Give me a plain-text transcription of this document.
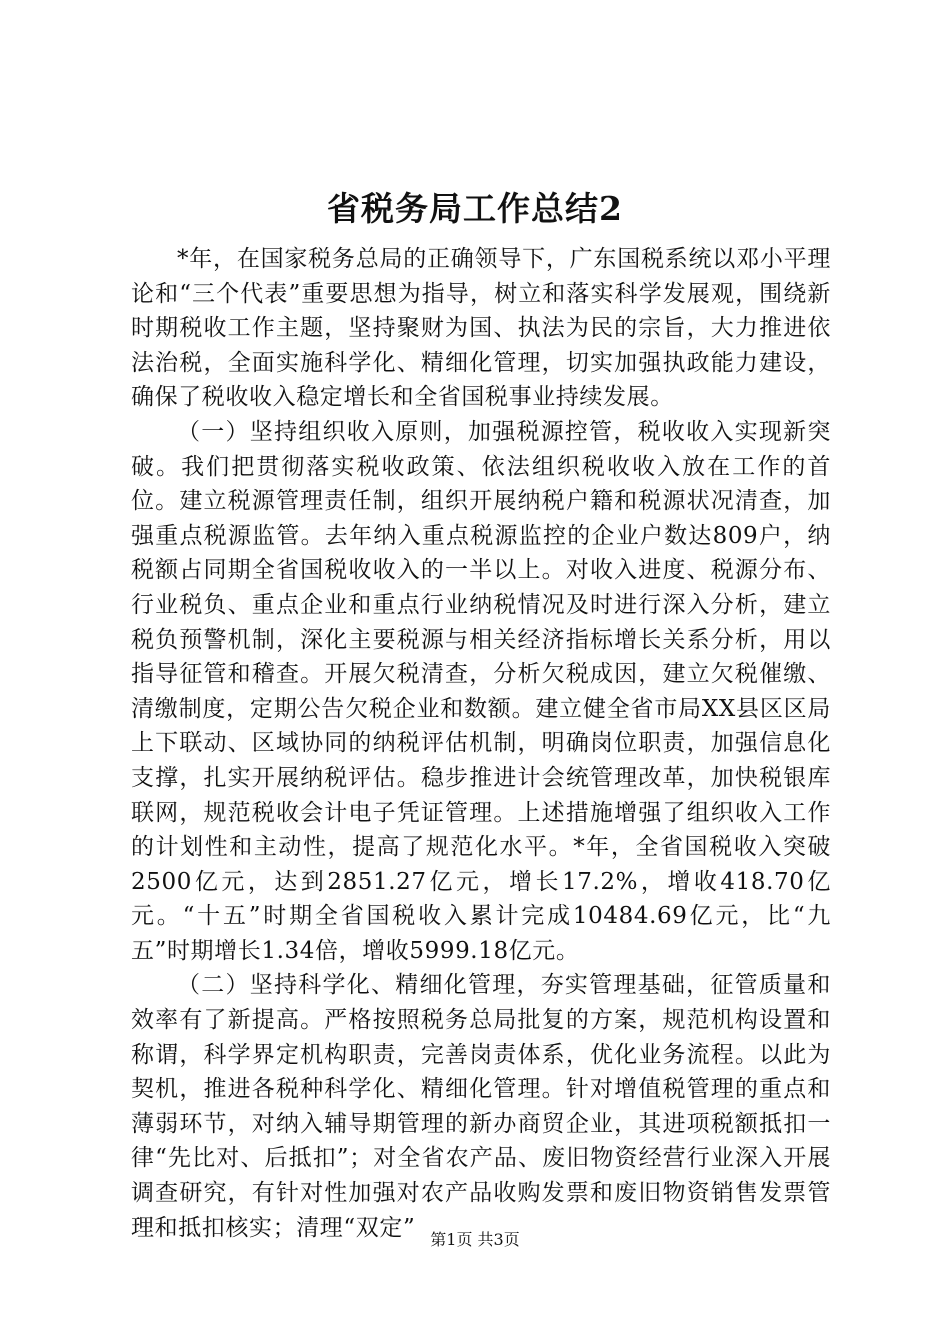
省税务局工作总结2

*年，在国家税务总局的正确领导下，广东国税系统以邓小平理论和“三个代表”重要思想为指导，树立和落实科学发展观，围绕新时期税收工作主题，坚持聚财为国、执法为民的宗旨，大力推进依法治税，全面实施科学化、精细化管理，切实加强执政能力建设，确保了税收收入稳定增长和全省国税事业持续发展。

（一）坚持组织收入原则，加强税源控管，税收收入实现新突破。我们把贯彻落实税收政策、依法组织税收收入放在工作的首位。建立税源管理责任制，组织开展纳税户籍和税源状况清查，加强重点税源监管。去年纳入重点税源监控的企业户数达809户，纳税额占同期全省国税收收入的一半以上。对收入进度、税源分布、行业税负、重点企业和重点行业纳税情况及时进行深入分析，建立税负预警机制，深化主要税源与相关经济指标增长关系分析，用以指导征管和稽查。开展欠税清查，分析欠税成因，建立欠税催缴、清缴制度，定期公告欠税企业和数额。建立健全省市局XX县区区局上下联动、区域协同的纳税评估机制，明确岗位职责，加强信息化支撑，扎实开展纳税评估。稳步推进计会统管理改革，加快税银库联网，规范税收会计电子凭证管理。上述措施增强了组织收入工作的计划性和主动性，提高了规范化水平。*年，全省国税收入突破2500亿元，达到2851.27亿元，增长17.2%，增收418.70亿元。“十五”时期全省国税收入累计完成10484.69亿元，比“九五”时期增长1.34倍，增收5999.18亿元。

（二）坚持科学化、精细化管理，夯实管理基础，征管质量和效率有了新提高。严格按照税务总局批复的方案，规范机构设置和称谓，科学界定机构职责，完善岗责体系，优化业务流程。以此为契机，推进各税种科学化、精细化管理。针对增值税管理的重点和薄弱环节，对纳入辅导期管理的新办商贸企业，其进项税额抵扣一律“先比对、后抵扣”；对全省农产品、废旧物资经营行业深入开展调查研究，有针对性加强对农产品收购发票和废旧物资销售发票管理和抵扣核实；清理“双定” 第1页 共3页
